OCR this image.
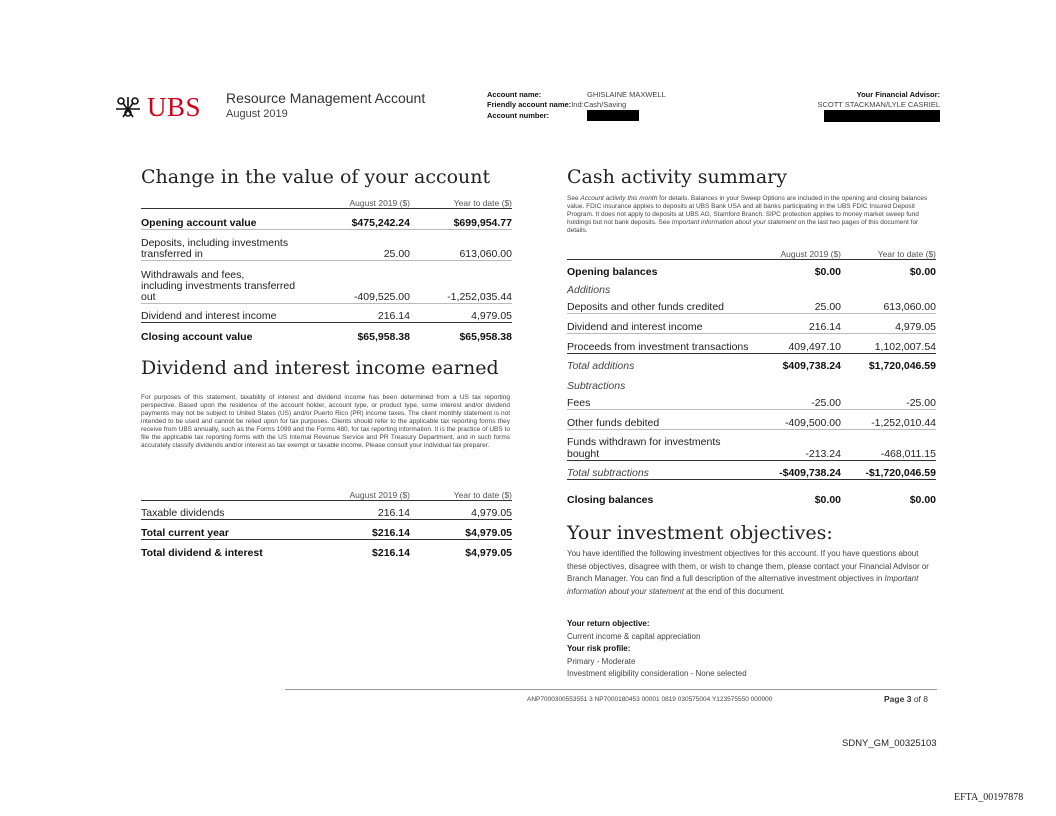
UBS Resource Management Account
August 2019
Account name:	GHISLAINE MAXWELL
Friendly account name: Ind:Cash/Saving
Account number:
Your Financial Advisor:
SCOTT STACKMAN/LYLE CASRIEL
Change in the value of your account
	August 2019 ($)	Year to date ($)
Opening account value	$475,242.24	$699,954.77
Deposits, including investments
transferred in	25.00	613,060.00
Withdrawals and fees,
including investments transferred
out	-409,525.00	-1,252,035.44
Dividend and interest income	216.14	4,979.05
Closing account value	$65,958.38	$65,958.38
Dividend and interest income earned
For purposes of this statement, taxability of interest and dividend income has been determined from a US tax reporting perspective. Based upon the residence of the account holder, account type, or product type, some interest and/or dividend payments may not be subject to United States (US) and/or Puerto Rico (PR) income taxes. The client monthly statement is not intended to be used and cannot be relied upon for tax purposes. Clients should refer to the applicable tax reporting forms they receive from UBS annually, such as the Forms 1099 and the Forms 480, for tax reporting information. It is the practice of UBS to file the applicable tax reporting forms with the US Internal Revenue Service and PR Treasury Department, and in such forms accurately classify dividends and/or interest as tax exempt or taxable income. Please consult your individual tax preparer.
	August 2019 ($)	Year to date ($)
Taxable dividends	216.14	4,979.05
Total current year	$216.14	$4,979.05
Total dividend & interest	$216.14	$4,979.05
Cash activity summary
See Account activity this month for details. Balances in your Sweep Options are included in the opening and closing balances value. FDIC insurance applies to deposits at UBS Bank USA and all banks participating in the UBS FDIC Insured Deposit Program. It does not apply to deposits at UBS AG, Stamford Branch. SIPC protection applies to money market sweep fund holdings but not bank deposits. See Important information about your statement on the last two pages of this document for details.
	August 2019 ($)	Year to date ($)
Opening balances	$0.00	$0.00
Additions		
Deposits and other funds credited	25.00	613,060.00
Dividend and interest income	216.14	4,979.05
Proceeds from investment transactions	409,497.10	1,102,007.54
Total additions	$409,738.24	$1,720,046.59
Subtractions		
Fees	-25.00	-25.00
Other funds debited	-409,500.00	-1,252,010.44
Funds withdrawn for investments
bought	-213.24	-468,011.15
Total subtractions	-$409,738.24	-$1,720,046.59
Closing balances	$0.00	$0.00
Your investment objectives:
You have identified the following investment objectives for this account. If you have questions about these objectives, disagree with them, or wish to change them, please contact your Financial Advisor or Branch Manager. You can find a full description of the alternative investment objectives in Important information about your statement at the end of this document.
Your return objective:
Current income & capital appreciation
Your risk profile:
Primary - Moderate
Investment eligibility consideration - None selected
ANP7000300553551 3 NP7000180453 00001 0819 030575004 Y123575550 000000	Page 3 of 8
SDNY_GM_00325103
EFTA_00197878
